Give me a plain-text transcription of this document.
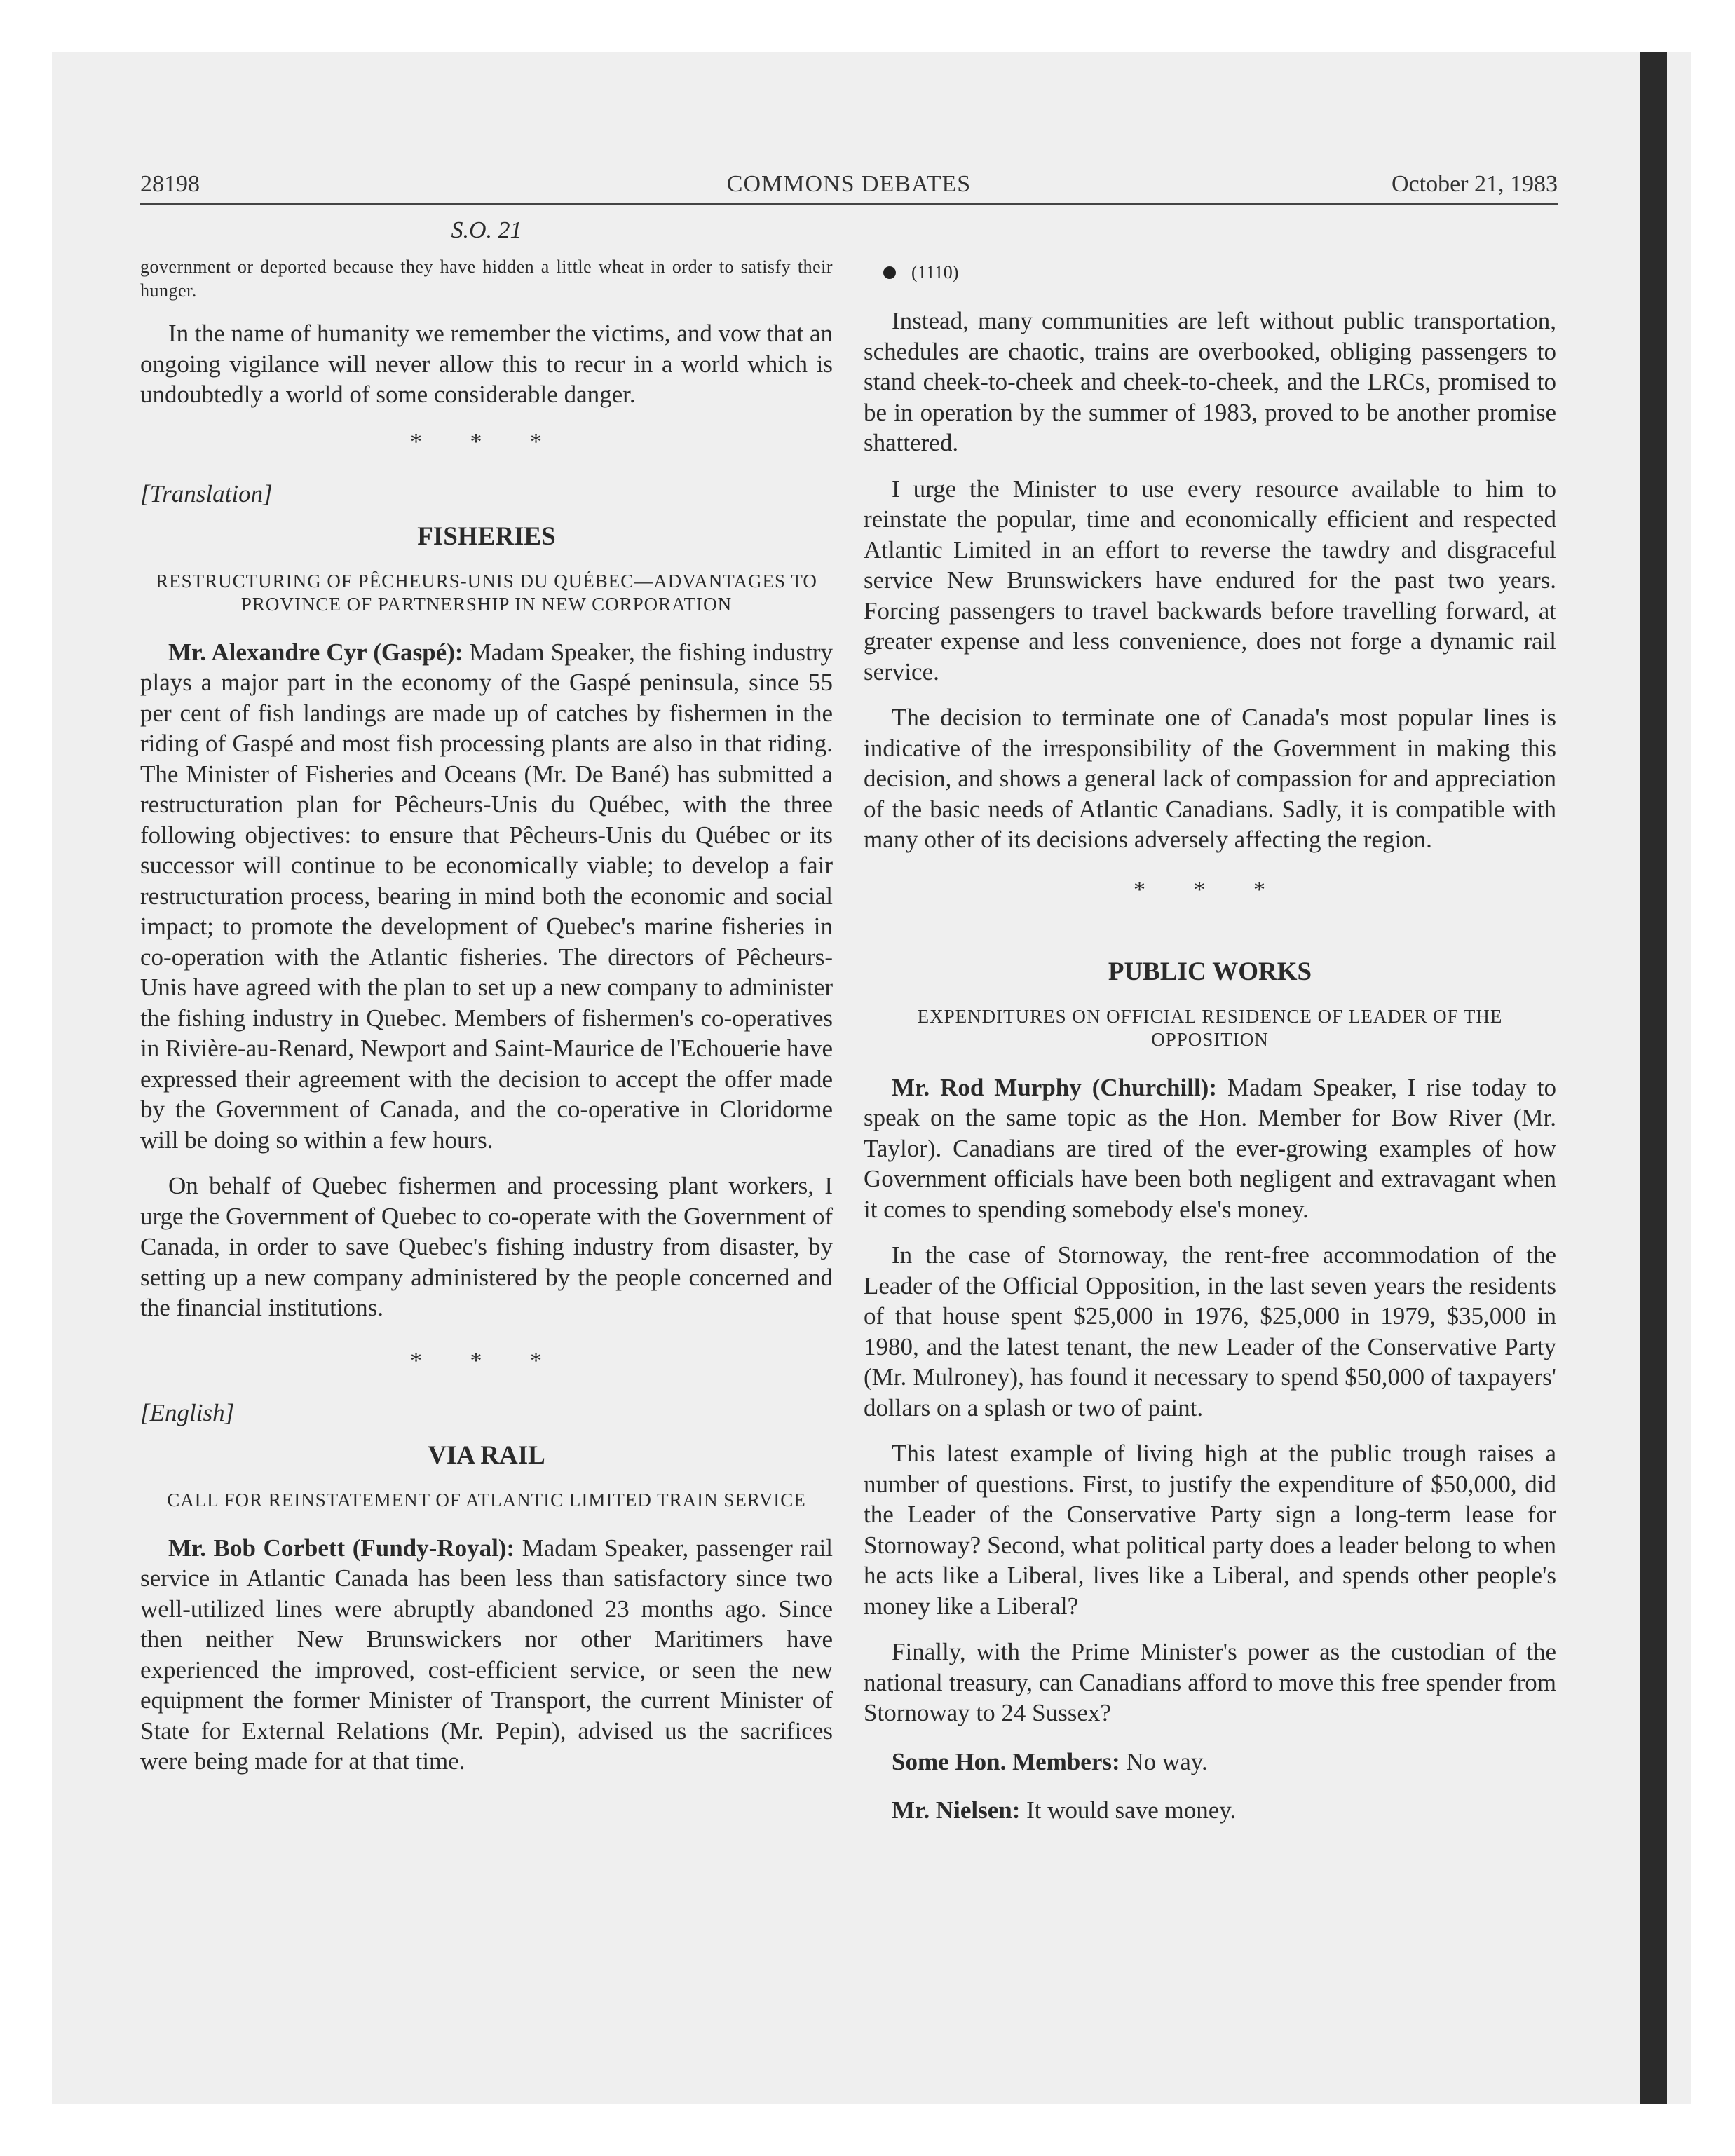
28198	COMMONS DEBATES	October 21, 1983
S.O. 21

government or deported because they have hidden a little wheat in order to satisfy their hunger.

In the name of humanity we remember the victims, and vow that an ongoing vigilance will never allow this to recur in a world which is undoubtedly a world of some considerable danger.

* * *
[Translation]
FISHERIES
RESTRUCTURING OF PÊCHEURS-UNIS DU QUÉBEC—ADVANTAGES TO PROVINCE OF PARTNERSHIP IN NEW CORPORATION

Mr. Alexandre Cyr (Gaspé): Madam Speaker, the fishing industry plays a major part in the economy of the Gaspé peninsula, since 55 per cent of fish landings are made up of catches by fishermen in the riding of Gaspé and most fish processing plants are also in that riding. The Minister of Fisheries and Oceans (Mr. De Bané) has submitted a restructuration plan for Pêcheurs-Unis du Québec, with the three following objectives: to ensure that Pêcheurs-Unis du Québec or its successor will continue to be economically viable; to develop a fair restructuration process, bearing in mind both the economic and social impact; to promote the development of Quebec's marine fisheries in co-operation with the Atlantic fisheries. The directors of Pêcheurs-Unis have agreed with the plan to set up a new company to administer the fishing industry in Quebec. Members of fishermen's co-operatives in Rivière-au-Renard, Newport and Saint-Maurice de l'Echouerie have expressed their agreement with the decision to accept the offer made by the Government of Canada, and the co-operative in Cloridorme will be doing so within a few hours.

On behalf of Quebec fishermen and processing plant workers, I urge the Government of Quebec to co-operate with the Government of Canada, in order to save Quebec's fishing industry from disaster, by setting up a new company administered by the people concerned and the financial institutions.

* * *
[English]
VIA RAIL
CALL FOR REINSTATEMENT OF ATLANTIC LIMITED TRAIN SERVICE

Mr. Bob Corbett (Fundy-Royal): Madam Speaker, passenger rail service in Atlantic Canada has been less than satisfactory since two well-utilized lines were abruptly abandoned 23 months ago. Since then neither New Brunswickers nor other Maritimers have experienced the improved, cost-efficient service, or seen the new equipment the former Minister of Transport, the current Minister of State for External Relations (Mr. Pepin), advised us the sacrifices were being made for at that time.

(1110)

Instead, many communities are left without public transportation, schedules are chaotic, trains are overbooked, obliging passengers to stand cheek-to-cheek and cheek-to-cheek, and the LRCs, promised to be in operation by the summer of 1983, proved to be another promise shattered.

I urge the Minister to use every resource available to him to reinstate the popular, time and economically efficient and respected Atlantic Limited in an effort to reverse the tawdry and disgraceful service New Brunswickers have endured for the past two years. Forcing passengers to travel backwards before travelling forward, at greater expense and less convenience, does not forge a dynamic rail service.

The decision to terminate one of Canada's most popular lines is indicative of the irresponsibility of the Government in making this decision, and shows a general lack of compassion for and appreciation of the basic needs of Atlantic Canadians. Sadly, it is compatible with many other of its decisions adversely affecting the region.

* * *
PUBLIC WORKS
EXPENDITURES ON OFFICIAL RESIDENCE OF LEADER OF THE OPPOSITION

Mr. Rod Murphy (Churchill): Madam Speaker, I rise today to speak on the same topic as the Hon. Member for Bow River (Mr. Taylor). Canadians are tired of the ever-growing examples of how Government officials have been both negligent and extravagant when it comes to spending somebody else's money.

In the case of Stornoway, the rent-free accommodation of the Leader of the Official Opposition, in the last seven years the residents of that house spent $25,000 in 1976, $25,000 in 1979, $35,000 in 1980, and the latest tenant, the new Leader of the Conservative Party (Mr. Mulroney), has found it necessary to spend $50,000 of taxpayers' dollars on a splash or two of paint.

This latest example of living high at the public trough raises a number of questions. First, to justify the expenditure of $50,000, did the Leader of the Conservative Party sign a long-term lease for Stornoway? Second, what political party does a leader belong to when he acts like a Liberal, lives like a Liberal, and spends other people's money like a Liberal?

Finally, with the Prime Minister's power as the custodian of the national treasury, can Canadians afford to move this free spender from Stornoway to 24 Sussex?

Some Hon. Members: No way.

Mr. Nielsen: It would save money.
